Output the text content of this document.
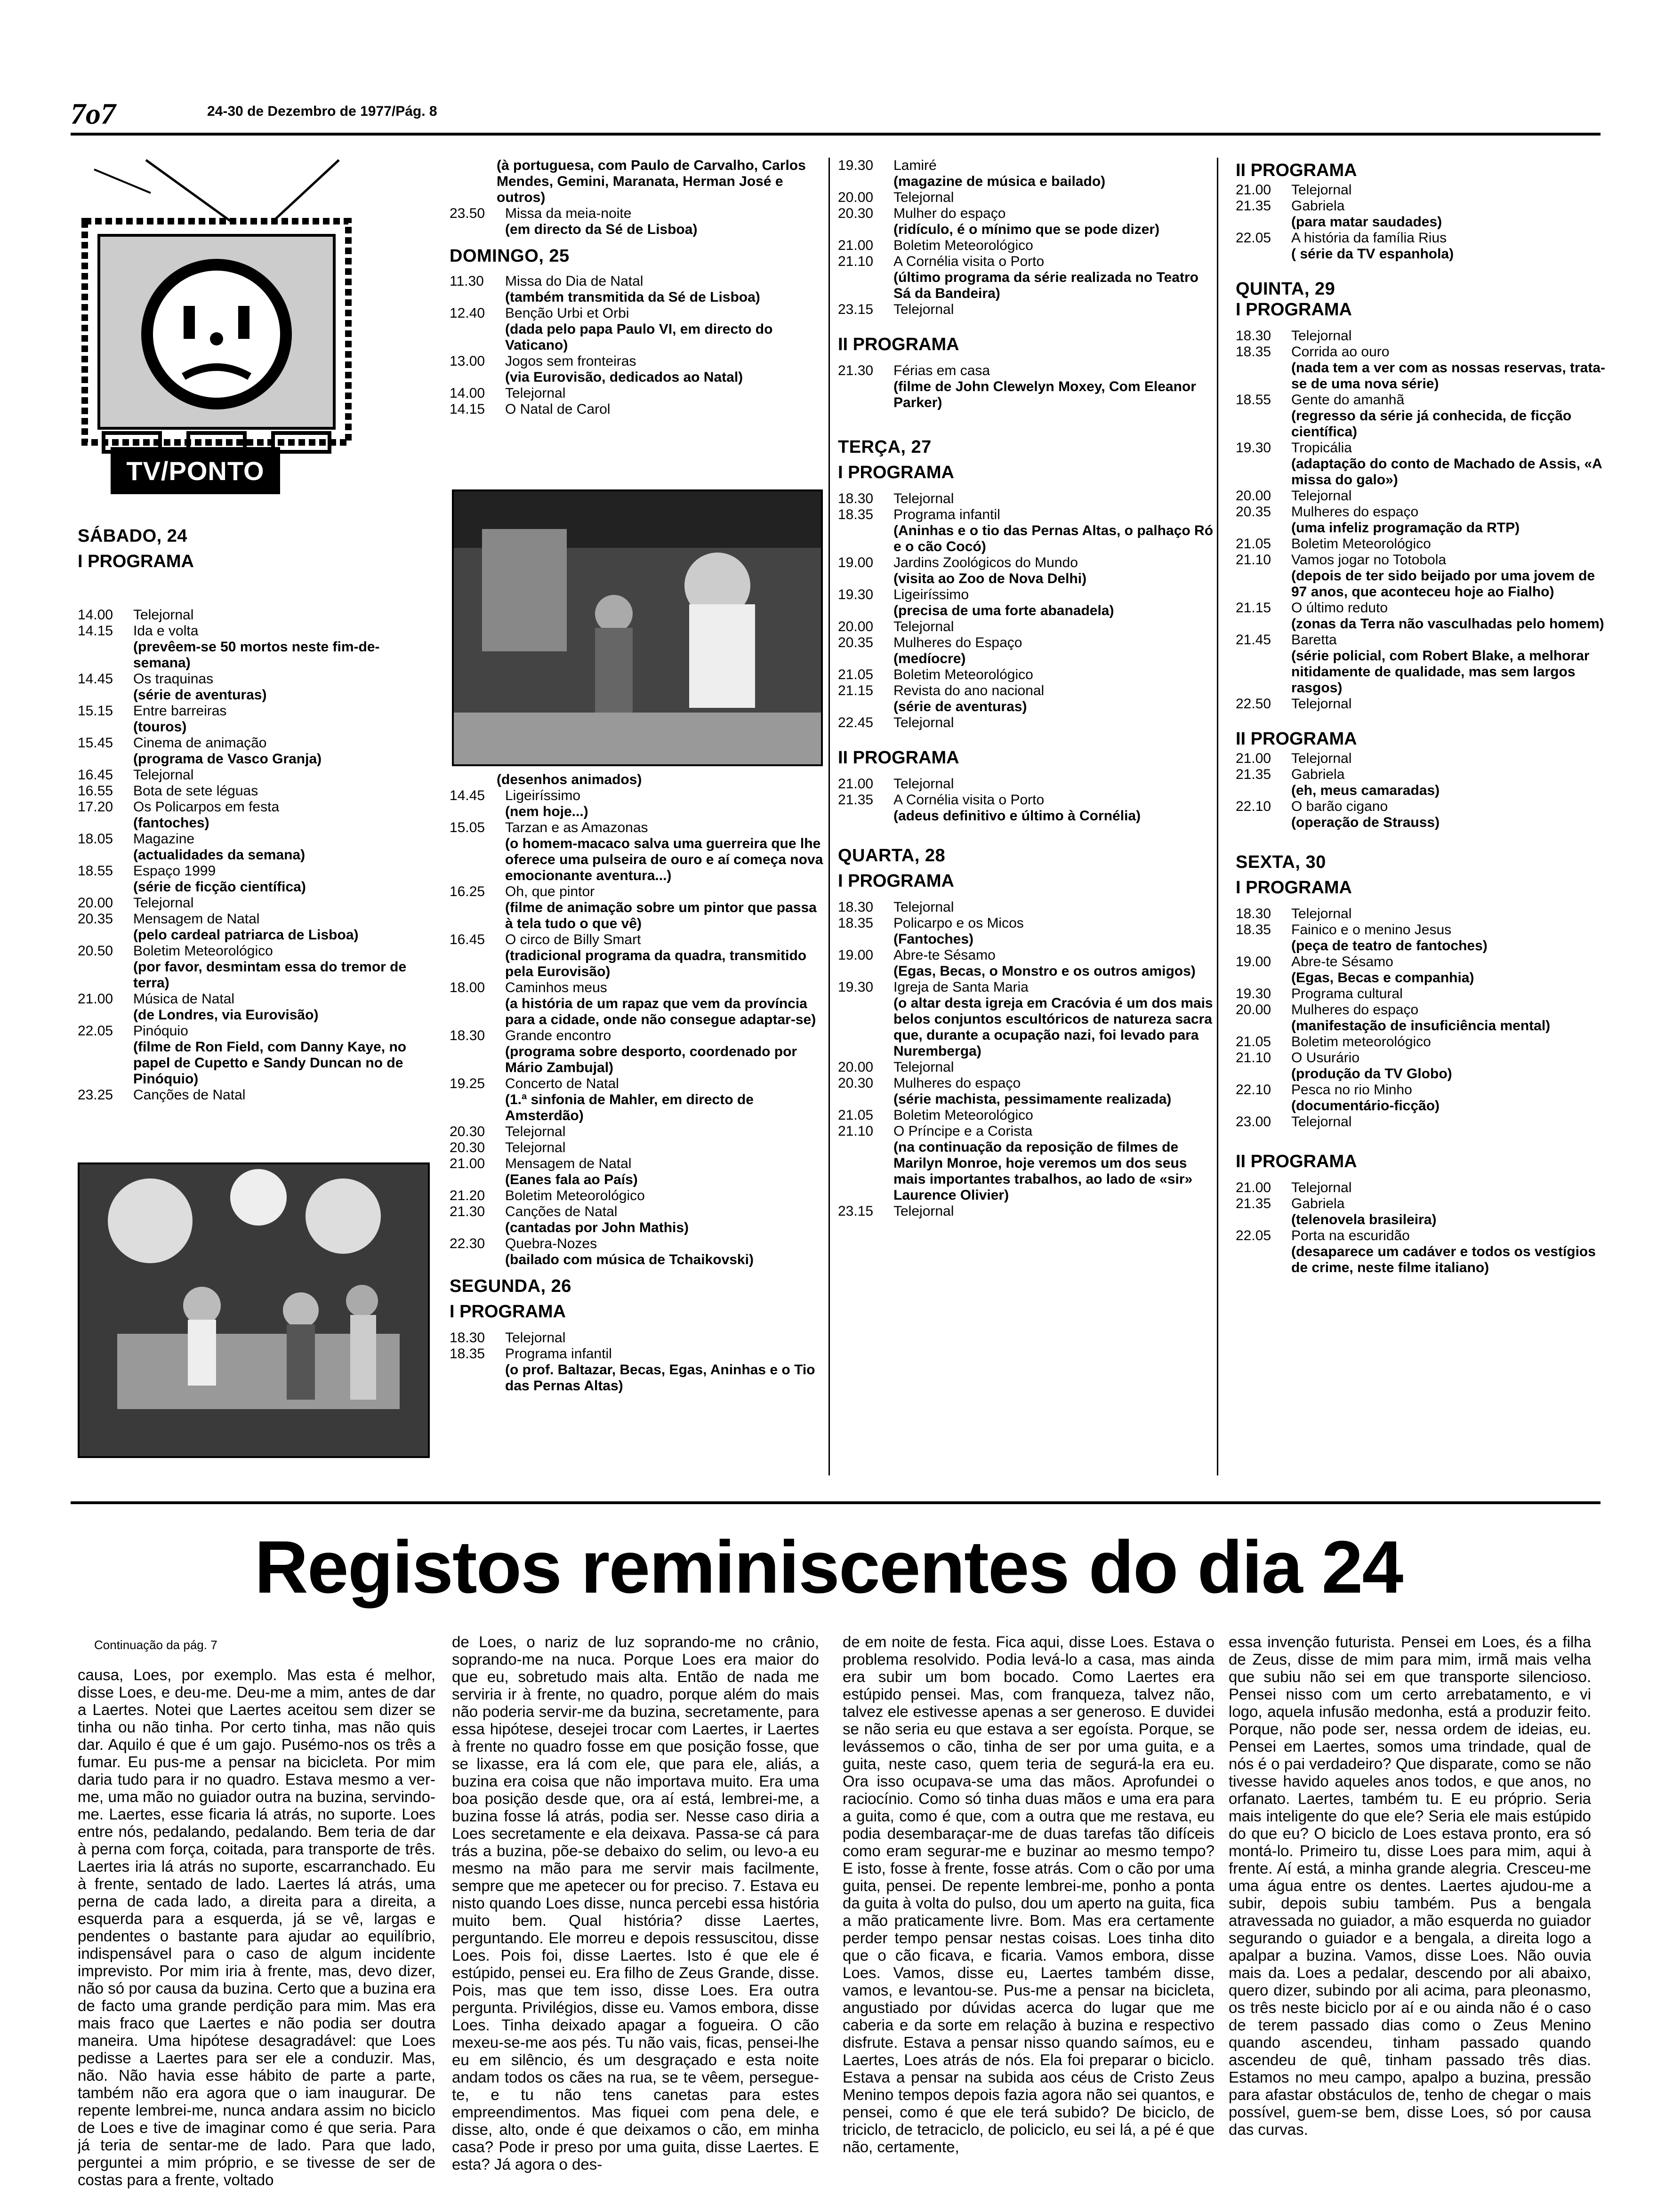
7o7	24-30 de Dezembro de 1977/Pág. 8
TV/PONTO
SÁBADO, 24
I PROGRAMA
14.00	Telejornal
14.15	Ida e volta
(prevêem-se 50 mortos neste fim-de-semana)
14.45	Os traquinas
(série de aventuras)
15.15	Entre barreiras
(touros)
15.45	Cinema de animação
(programa de Vasco Granja)
16.45	Telejornal
16.55	Bota de sete léguas
17.20	Os Policarpos em festa
(fantoches)
18.05	Magazine
(actualidades da semana)
18.55	Espaço 1999
(série de ficção científica)
20.00	Telejornal
20.35	Mensagem de Natal
(pelo cardeal patriarca de Lisboa)
20.50	Boletim Meteorológico
(por favor, desmintam essa do tremor de terra)
21.00	Música de Natal
(de Londres, via Eurovisão)
22.05	Pinóquio
(filme de Ron Field, com Danny Kaye, no papel de Cupetto e Sandy Duncan no de Pinóquio)
23.25	Canções de Natal
(à portuguesa, com Paulo de Carvalho, Carlos Mendes, Gemini, Maranata, Herman José e outros)
23.50	Missa da meia-noite
(em directo da Sé de Lisboa)
DOMINGO, 25
11.30	Missa do Dia de Natal
(também transmitida da Sé de Lisboa)
12.40	Benção Urbi et Orbi
(dada pelo papa Paulo VI, em directo do Vaticano)
13.00	Jogos sem fronteiras
(via Eurovisão, dedicados ao Natal)
14.00	Telejornal
14.15	O Natal de Carol
(desenhos animados)
14.45	Ligeiríssimo
(nem hoje...)
15.05	Tarzan e as Amazonas
(o homem-macaco salva uma guerreira que lhe oferece uma pulseira de ouro e aí começa nova emocionante aventura...)
16.25	Oh, que pintor
(filme de animação sobre um pintor que passa à tela tudo o que vê)
16.45	O circo de Billy Smart
(tradicional programa da quadra, transmitido pela Eurovisão)
18.00	Caminhos meus
(a história de um rapaz que vem da província para a cidade, onde não consegue adaptar-se)
18.30	Grande encontro
(programa sobre desporto, coordenado por Mário Zambujal)
19.25	Concerto de Natal
(1.ª sinfonia de Mahler, em directo de Amsterdão)
20.30	Telejornal
20.30	Telejornal
21.00	Mensagem de Natal
(Eanes fala ao País)
21.20	Boletim Meteorológico
21.30	Canções de Natal
(cantadas por John Mathis)
22.30	Quebra-Nozes
(bailado com música de Tchaikovski)
SEGUNDA, 26
I PROGRAMA
18.30	Telejornal
18.35	Programa infantil
(o prof. Baltazar, Becas, Egas, Aninhas e o Tio das Pernas Altas)
19.30	Lamiré
(magazine de música e bailado)
20.00	Telejornal
20.30	Mulher do espaço
(ridículo, é o mínimo que se pode dizer)
21.00	Boletim Meteorológico
21.10	A Cornélia visita o Porto
(último programa da série realizada no Teatro Sá da Bandeira)
23.15	Telejornal
II PROGRAMA
21.30	Férias em casa
(filme de John Clewelyn Moxey, Com Eleanor Parker)
TERÇA, 27
I PROGRAMA
18.30	Telejornal
18.35	Programa infantil
(Aninhas e o tio das Pernas Altas, o palhaço Ró e o cão Cocó)
19.00	Jardins Zoológicos do Mundo
(visita ao Zoo de Nova Delhi)
19.30	Ligeiríssimo
(precisa de uma forte abanadela)
20.00	Telejornal
20.35	Mulheres do Espaço
(medíocre)
21.05	Boletim Meteorológico
21.15	Revista do ano nacional
(série de aventuras)
22.45	Telejornal
II PROGRAMA
21.00	Telejornal
21.35	A Cornélia visita o Porto
(adeus definitivo e último à Cornélia)
QUARTA, 28
I PROGRAMA
18.30	Telejornal
18.35	Policarpo e os Micos
(Fantoches)
19.00	Abre-te Sésamo
(Egas, Becas, o Monstro e os outros amigos)
19.30	Igreja de Santa Maria
(o altar desta igreja em Cracóvia é um dos mais belos conjuntos escultóricos de natureza sacra que, durante a ocupação nazi, foi levado para Nuremberga)
20.00	Telejornal
20.30	Mulheres do espaço
(série machista, pessimamente realizada)
21.05	Boletim Meteorológico
21.10	O Príncipe e a Corista
(na continuação da reposição de filmes de Marilyn Monroe, hoje veremos um dos seus mais importantes trabalhos, ao lado de «sir» Laurence Olivier)
23.15	Telejornal
II PROGRAMA
21.00	Telejornal
21.35	Gabriela
(para matar saudades)
22.05	A história da família Rius
( série da TV espanhola)
QUINTA, 29
I PROGRAMA
18.30	Telejornal
18.35	Corrida ao ouro
(nada tem a ver com as nossas reservas, trata-se de uma nova série)
18.55	Gente do amanhã
(regresso da série já conhecida, de ficção científica)
19.30	Tropicália
(adaptação do conto de Machado de Assis, «A missa do galo»)
20.00	Telejornal
20.35	Mulheres do espaço
(uma infeliz programação da RTP)
21.05	Boletim Meteorológico
21.10	Vamos jogar no Totobola
(depois de ter sido beijado por uma jovem de 97 anos, que aconteceu hoje ao Fialho)
21.15	O último reduto
(zonas da Terra não vasculhadas pelo homem)
21.45	Baretta
(série policial, com Robert Blake, a melhorar nitidamente de qualidade, mas sem largos rasgos)
22.50	Telejornal
II PROGRAMA
21.00	Telejornal
21.35	Gabriela
(eh, meus camaradas)
22.10	O barão cigano
(operação de Strauss)
SEXTA, 30
I PROGRAMA
18.30	Telejornal
18.35	Fainico e o menino Jesus
(peça de teatro de fantoches)
19.00	Abre-te Sésamo
(Egas, Becas e companhia)
19.30	Programa cultural
20.00	Mulheres do espaço
(manifestação de insuficiência mental)
21.05	Boletim meteorológico
21.10	O Usurário
(produção da TV Globo)
22.10	Pesca no rio Minho
(documentário-ficção)
23.00	Telejornal
II PROGRAMA
21.00	Telejornal
21.35	Gabriela
(telenovela brasileira)
22.05	Porta na escuridão
(desaparece um cadáver e todos os vestígios de crime, neste filme italiano)
Registos reminiscentes do dia 24
Continuação da pág. 7
causa, Loes, por exemplo. Mas esta é melhor, disse Loes, e deu-me. Deu-me a mim, antes de dar a Laertes. Notei que Laertes aceitou sem dizer se tinha ou não tinha. Por certo tinha, mas não quis dar. Aquilo é que é um gajo. Pusémo-nos os três a fumar. Eu pus-me a pensar na bicicleta. Por mim daria tudo para ir no quadro. Estava mesmo a ver-me, uma mão no guiador outra na buzina, servindo-me. Laertes, esse ficaria lá atrás, no suporte. Loes entre nós, pedalando, pedalando. Bem teria de dar à perna com força, coitada, para transporte de três. Laertes iria lá atrás no suporte, escarranchado. Eu à frente, sentado de lado. Laertes lá atrás, uma perna de cada lado, a direita para a direita, a esquerda para a esquerda, já se vê, largas e pendentes o bastante para ajudar ao equilíbrio, indispensável para o caso de algum incidente imprevisto. Por mim iria à frente, mas, devo dizer, não só por causa da buzina. Certo que a buzina era de facto uma grande perdição para mim. Mas era mais fraco que Laertes e não podia ser doutra maneira. Uma hipótese desagradável: que Loes pedisse a Laertes para ser ele a conduzir. Mas, não. Não havia esse hábito de parte a parte, também não era agora que o iam inaugurar. De repente lembrei-me, nunca andara assim no biciclo de Loes e tive de imaginar como é que seria. Para já teria de sentar-me de lado. Para que lado, perguntei a mim próprio, e se tivesse de ser de costas para a frente, voltado
de Loes, o nariz de luz soprando-me no crânio, soprando-me na nuca. Porque Loes era maior do que eu, sobretudo mais alta. Então de nada me serviria ir à frente, no quadro, porque além do mais não poderia servir-me da buzina, secretamente, para essa hipótese, desejei trocar com Laertes, ir Laertes à frente no quadro fosse em que posição fosse, que se lixasse, era lá com ele, que para ele, aliás, a buzina era coisa que não importava muito. Era uma boa posição desde que, ora aí está, lembrei-me, a buzina fosse lá atrás, podia ser. Nesse caso diria a Loes secretamente e ela deixava. Passa-se cá para trás a buzina, põe-se debaixo do selim, ou levo-a eu mesmo na mão para me servir mais facilmente, sempre que me apetecer ou for preciso. 7. Estava eu nisto quando Loes disse, nunca percebi essa história muito bem. Qual história? disse Laertes, perguntando. Ele morreu e depois ressuscitou, disse Loes. Pois foi, disse Laertes. Isto é que ele é estúpido, pensei eu. Era filho de Zeus Grande, disse. Pois, mas que tem isso, disse Loes. Era outra pergunta. Privilégios, disse eu. Vamos embora, disse Loes. Tinha deixado apagar a fogueira. O cão mexeu-se-me aos pés. Tu não vais, ficas, pensei-lhe eu em silêncio, és um desgraçado e esta noite andam todos os cães na rua, se te vêem, persegue-te, e tu não tens canetas para estes empreendimentos. Mas fiquei com pena dele, e disse, alto, onde é que deixamos o cão, em minha casa? Pode ir preso por uma guita, disse Laertes. E esta? Já agora o des-
de em noite de festa. Fica aqui, disse Loes. Estava o problema resolvido. Podia levá-lo a casa, mas ainda era subir um bom bocado. Como Laertes era estúpido pensei. Mas, com franqueza, talvez não, talvez ele estivesse apenas a ser generoso. E duvidei se não seria eu que estava a ser egoísta. Porque, se levássemos o cão, tinha de ser por uma guita, e a guita, neste caso, quem teria de segurá-la era eu. Ora isso ocupava-se uma das mãos. Aprofundei o raciocínio. Como só tinha duas mãos e uma era para a guita, como é que, com a outra que me restava, eu podia desembaraçar-me de duas tarefas tão difíceis como eram segurar-me e buzinar ao mesmo tempo? E isto, fosse à frente, fosse atrás. Com o cão por uma guita, pensei. De repente lembrei-me, ponho a ponta da guita à volta do pulso, dou um aperto na guita, fica a mão praticamente livre. Bom. Mas era certamente perder tempo pensar nestas coisas. Loes tinha dito que o cão ficava, e ficaria. Vamos embora, disse Loes. Vamos, disse eu, Laertes também disse, vamos, e levantou-se. Pus-me a pensar na bicicleta, angustiado por dúvidas acerca do lugar que me caberia e da sorte em relação à buzina e respectivo disfrute. Estava a pensar nisso quando saímos, eu e Laertes, Loes atrás de nós. Ela foi preparar o biciclo. Estava a pensar na subida aos céus de Cristo Zeus Menino tempos depois fazia agora não sei quantos, e pensei, como é que ele terá subido? De biciclo, de triciclo, de tetraciclo, de policiclo, eu sei lá, a pé é que não, certamente,
essa invenção futurista. Pensei em Loes, és a filha de Zeus, disse de mim para mim, irmã mais velha que subiu não sei em que transporte silencioso. Pensei nisso com um certo arrebatamento, e vi logo, aquela infusão medonha, está a produzir feito. Porque, não pode ser, nessa ordem de ideias, eu. Pensei em Laertes, somos uma trindade, qual de nós é o pai verdadeiro? Que disparate, como se não tivesse havido aqueles anos todos, e que anos, no orfanato. Laertes, também tu. E eu próprio. Seria mais inteligente do que ele? Seria ele mais estúpido do que eu? O biciclo de Loes estava pronto, era só montá-lo. Primeiro tu, disse Loes para mim, aqui à frente. Aí está, a minha grande alegria. Cresceu-me uma água entre os dentes. Laertes ajudou-me a subir, depois subiu também. Pus a bengala atravessada no guiador, a mão esquerda no guiador segurando o guiador e a bengala, a direita logo a apalpar a buzina. Vamos, disse Loes. Não ouvia mais da. Loes a pedalar, descendo por ali abaixo, quero dizer, subindo por ali acima, para pleonasmo, os três neste biciclo por aí e ou ainda não é o caso de terem passado dias como o Zeus Menino quando ascendeu, tinham passado quando ascendeu de quê, tinham passado três dias. Estamos no meu campo, apalpo a buzina, pressão para afastar obstáculos de, tenho de chegar o mais possível, guem-se bem, disse Loes, só por causa das curvas.
